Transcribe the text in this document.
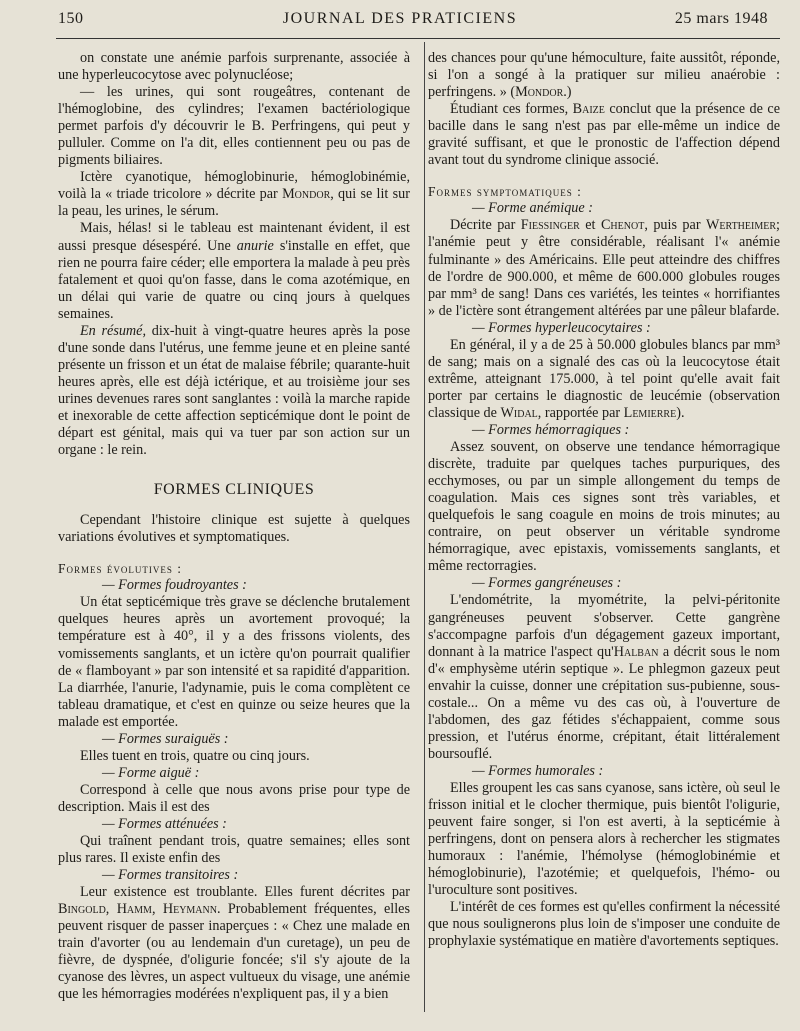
150	JOURNAL DES PRATICIENS	25 mars 1948

on constate une anémie parfois surprenante, associée à une hyperleucocytose avec polynucléose;

— les urines, qui sont rougeâtres, contenant de l'hémoglobine, des cylindres; l'examen bactériologique permet parfois d'y découvrir le B. Perfringens, qui peut y pulluler. Comme on l'a dit, elles contiennent peu ou pas de pigments biliaires.

Ictère cyanotique, hémoglobinurie, hémoglobinémie, voilà la « triade tricolore » décrite par Mondor, qui se lit sur la peau, les urines, le sérum.

Mais, hélas! si le tableau est maintenant évident, il est aussi presque désespéré. Une anurie s'installe en effet, que rien ne pourra faire céder; elle emportera la malade à peu près fatalement et quoi qu'on fasse, dans le coma azotémique, en un délai qui varie de quatre ou cinq jours à quelques semaines.

En résumé, dix-huit à vingt-quatre heures après la pose d'une sonde dans l'utérus, une femme jeune et en pleine santé présente un frisson et un état de malaise fébrile; quarante-huit heures après, elle est déjà ictérique, et au troisième jour ses urines devenues rares sont sanglantes : voilà la marche rapide et inexorable de cette affection septicémique dont le point de départ est génital, mais qui va tuer par son action sur un organe : le rein.

FORMES CLINIQUES

Cependant l'histoire clinique est sujette à quelques variations évolutives et symptomatiques.

Formes évolutives :

— Formes foudroyantes :

Un état septicémique très grave se déclenche brutalement quelques heures après un avortement provoqué; la température est à 40°, il y a des frissons violents, des vomissements sanglants, et un ictère qu'on pourrait qualifier de « flamboyant » par son intensité et sa rapidité d'apparition. La diarrhée, l'anurie, l'adynamie, puis le coma complètent ce tableau dramatique, et c'est en quinze ou seize heures que la malade est emportée.

— Formes suraiguës :

Elles tuent en trois, quatre ou cinq jours.

— Forme aiguë :

Correspond à celle que nous avons prise pour type de description. Mais il est des

— Formes atténuées :

Qui traînent pendant trois, quatre semaines; elles sont plus rares. Il existe enfin des

— Formes transitoires :

Leur existence est troublante. Elles furent décrites par Bingold, Hamm, Heymann. Probablement fréquentes, elles peuvent risquer de passer inaperçues : « Chez une malade en train d'avorter (ou au lendemain d'un curetage), un peu de fièvre, de dyspnée, d'oligurie foncée; s'il s'y ajoute de la cyanose des lèvres, un aspect vultueux du visage, une anémie que les hémorragies modérées n'expliquent pas, il y a bien

des chances pour qu'une hémoculture, faite aussitôt, réponde, si l'on a songé à la pratiquer sur milieu anaérobie : perfringens. » (Mondor.)

Étudiant ces formes, Baize conclut que la présence de ce bacille dans le sang n'est pas par elle-même un indice de gravité suffisant, et que le pronostic de l'affection dépend avant tout du syndrome clinique associé.

Formes symptomatiques :

— Forme anémique :

Décrite par Fiessinger et Chenot, puis par Wertheimer; l'anémie peut y être considérable, réalisant l'« anémie fulminante » des Américains. Elle peut atteindre des chiffres de l'ordre de 900.000, et même de 600.000 globules rouges par mm³ de sang! Dans ces variétés, les teintes « horrifiantes » de l'ictère sont étrangement altérées par une pâleur blafarde.

— Formes hyperleucocytaires :

En général, il y a de 25 à 50.000 globules blancs par mm³ de sang; mais on a signalé des cas où la leucocytose était extrême, atteignant 175.000, à tel point qu'elle avait fait porter par certains le diagnostic de leucémie (observation classique de Widal, rapportée par Lemierre).

— Formes hémorragiques :

Assez souvent, on observe une tendance hémorragique discrète, traduite par quelques taches purpuriques, des ecchymoses, ou par un simple allongement du temps de coagulation. Mais ces signes sont très variables, et quelquefois le sang coagule en moins de trois minutes; au contraire, on peut observer un véritable syndrome hémorragique, avec epistaxis, vomissements sanglants, et même rectorragies.

— Formes gangréneuses :

L'endométrite, la myométrite, la pelvi-péritonite gangréneuses peuvent s'observer. Cette gangrène s'accompagne parfois d'un dégagement gazeux important, donnant à la matrice l'aspect qu'Halban a décrit sous le nom d'« emphysème utérin septique ». Le phlegmon gazeux peut envahir la cuisse, donner une crépitation sus-pubienne, sous-costale... On a même vu des cas où, à l'ouverture de l'abdomen, des gaz fétides s'échappaient, comme sous pression, et l'utérus énorme, crépitant, était littéralement boursouflé.

— Formes humorales :

Elles groupent les cas sans cyanose, sans ictère, où seul le frisson initial et le clocher thermique, puis bientôt l'oligurie, peuvent faire songer, si l'on est averti, à la septicémie à perfringens, dont on pensera alors à rechercher les stigmates humoraux : l'anémie, l'hémolyse (hémoglobinémie et hémoglobinurie), l'azotémie; et quelquefois, l'hémo- ou l'uroculture sont positives.

L'intérêt de ces formes est qu'elles confirment la nécessité que nous soulignerons plus loin de s'imposer une conduite de prophylaxie systématique en matière d'avortements septiques.
